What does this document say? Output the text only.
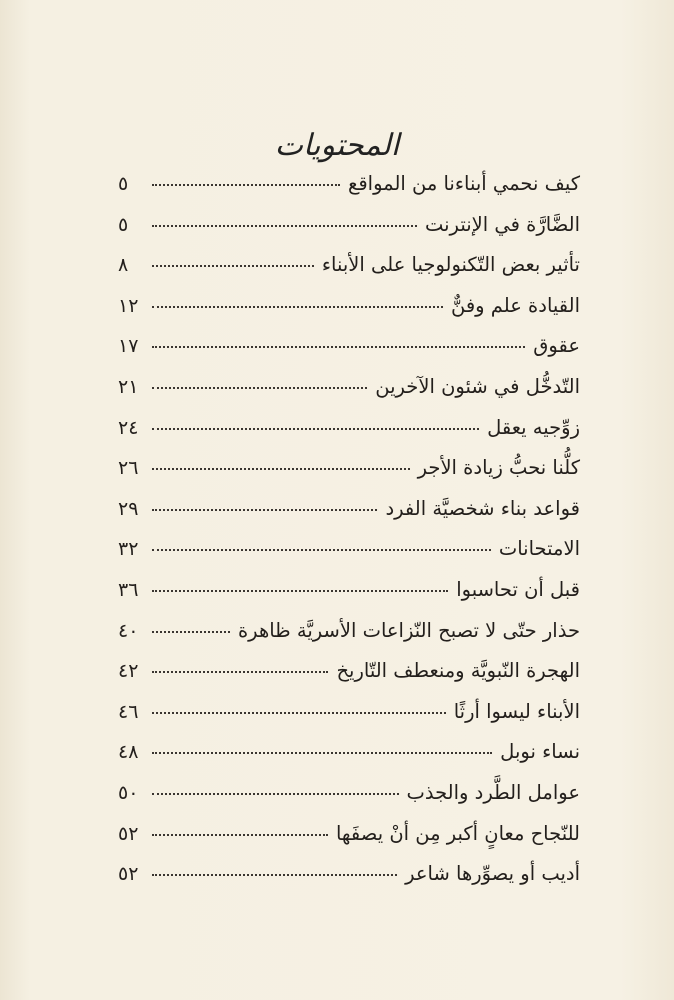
المحتويات
كيف نحمي أبناءنا من المواقع
٥
الضَّارَّة في الإنترنت
٥
تأثير بعض التّكنولوجيا على الأبناء
٨
القيادة علم وفنٌّ
١٢
عقوق
١٧
التّدخُّل في شئون الآخرين
٢١
زوِّجيه يعقل
٢٤
كلُّنا نحبُّ زيادة الأجر
٢٦
قواعد بناء شخصيَّة الفرد
٢٩
الامتحانات
٣٢
قبل أن تحاسبوا
٣٦
حذار حتّى لا تصبح النّزاعات الأسريَّة ظاهرة
٤٠
الهجرة النّبويَّة ومنعطف التّاريخ
٤٢
الأبناء ليسوا أرثًا
٤٦
نساء نوبل
٤٨
عوامل الطَّرد والجذب
٥٠
للنّجاح معانٍ أكبر مِن أنْ يصفَها
٥٢
أديب أو يصوِّرها شاعر
٥٢
